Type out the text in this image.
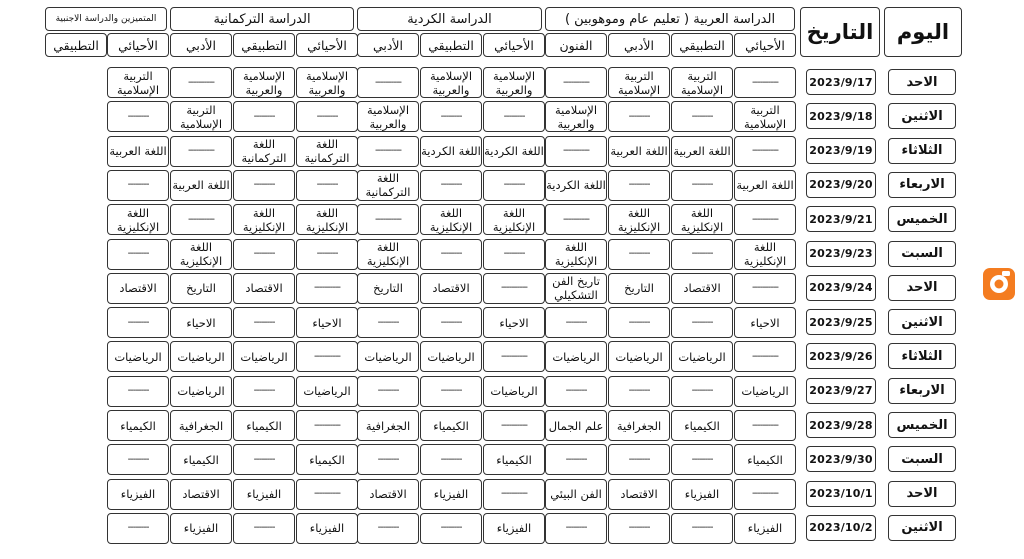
اليوم
التاريخ
الدراسة العربية ( تعليم عام وموهوبين )
الدراسة الكردية
الدراسة التركمانية
المتميزين والدراسة الاجنبية
الأحيائي
التطبيقي
الأدبي
الفنون
الأحيائي
التطبيقي
الأدبي
الأحيائي
التطبيقي
الأدبي
الأحيائي
التطبيقي
الاحد
2023/9/17
----------
التربية الإسلامية
التربية الإسلامية
----------
الإسلامية والعربية
الإسلامية والعربية
----------
الإسلامية والعربية
الإسلامية والعربية
----------
التربية الإسلامية
الاثنين
2023/9/18
التربية الإسلامية
--------
--------
الإسلامية والعربية
--------
--------
الإسلامية والعربية
--------
--------
التربية الإسلامية
--------
الثلاثاء
2023/9/19
----------
اللغة العربية
اللغة العربية
----------
اللغة الكردية
اللغة الكردية
----------
اللغة التركمانية
اللغة التركمانية
----------
اللغة العربية
الاربعاء
2023/9/20
اللغة العربية
--------
--------
اللغة الكردية
--------
--------
اللغة التركمانية
--------
--------
اللغة العربية
--------
الخميس
2023/9/21
----------
اللغة الإنكليزية
اللغة الإنكليزية
----------
اللغة الإنكليزية
اللغة الإنكليزية
----------
اللغة الإنكليزية
اللغة الإنكليزية
----------
اللغة الإنكليزية
السبت
2023/9/23
اللغة الإنكليزية
--------
--------
اللغة الإنكليزية
--------
--------
اللغة الإنكليزية
--------
--------
اللغة الإنكليزية
--------
الاحد
2023/9/24
----------
الاقتصاد
التاريخ
تاريخ الفن التشكيلي
----------
الاقتصاد
التاريخ
----------
الاقتصاد
التاريخ
الاقتصاد
الاثنين
2023/9/25
الاحياء
--------
--------
--------
الاحياء
--------
--------
الاحياء
--------
الاحياء
--------
الثلاثاء
2023/9/26
----------
الرياضيات
الرياضيات
الرياضيات
----------
الرياضيات
الرياضيات
----------
الرياضيات
الرياضيات
الرياضيات
الاربعاء
2023/9/27
الرياضيات
--------
--------
--------
الرياضيات
--------
--------
الرياضيات
--------
الرياضيات
--------
الخميس
2023/9/28
----------
الكيمياء
الجغرافية
علم الجمال
----------
الكيمياء
الجغرافية
----------
الكيمياء
الجغرافية
الكيمياء
السبت
2023/9/30
الكيمياء
--------
--------
--------
الكيمياء
--------
--------
الكيمياء
--------
الكيمياء
--------
الاحد
2023/10/1
----------
الفيزياء
الاقتصاد
الفن البيئي
----------
الفيزياء
الاقتصاد
----------
الفيزياء
الاقتصاد
الفيزياء
الاثنين
2023/10/2
الفيزياء
--------
--------
--------
الفيزياء
--------
--------
الفيزياء
--------
الفيزياء
--------
